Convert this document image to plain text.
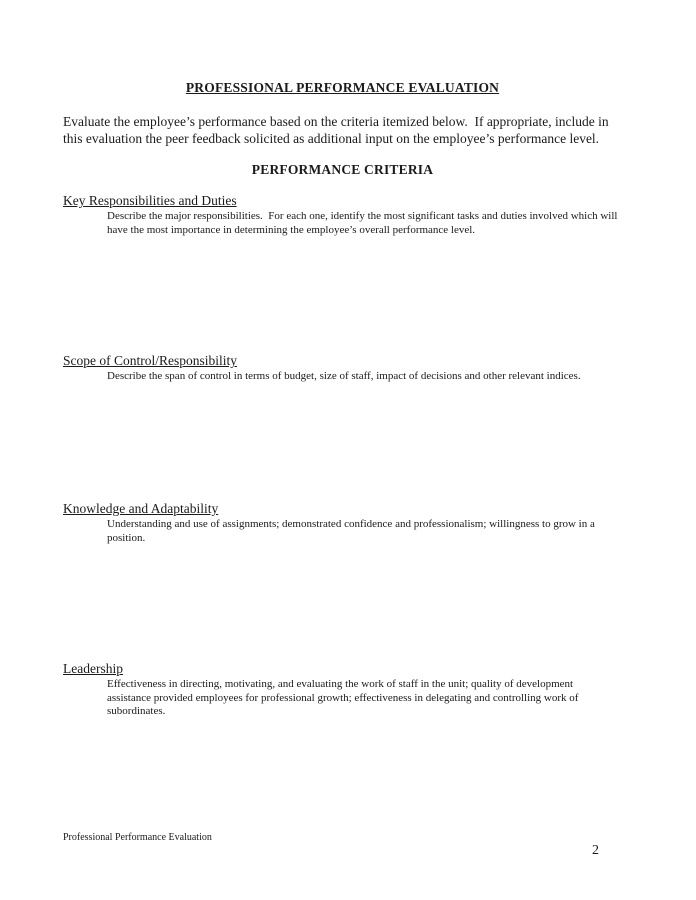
PROFESSIONAL PERFORMANCE EVALUATION

Evaluate the employee’s performance based on the criteria itemized below.  If appropriate, include in this evaluation the peer feedback solicited as additional input on the employee’s performance level.

PERFORMANCE CRITERIA
Key Responsibilities and Duties
Describe the major responsibilities.  For each one, identify the most significant tasks and duties involved which will have the most importance in determining the employee’s overall performance level.
Scope of Control/Responsibility
Describe the span of control in terms of budget, size of staff, impact of decisions and other relevant indices.
Knowledge and Adaptability
Understanding and use of assignments; demonstrated confidence and professionalism; willingness to grow in a position.
Leadership
Effectiveness in directing, motivating, and evaluating the work of staff in the unit; quality of development assistance provided employees for professional growth; effectiveness in delegating and controlling work of subordinates.
Professional Performance Evaluation
2
